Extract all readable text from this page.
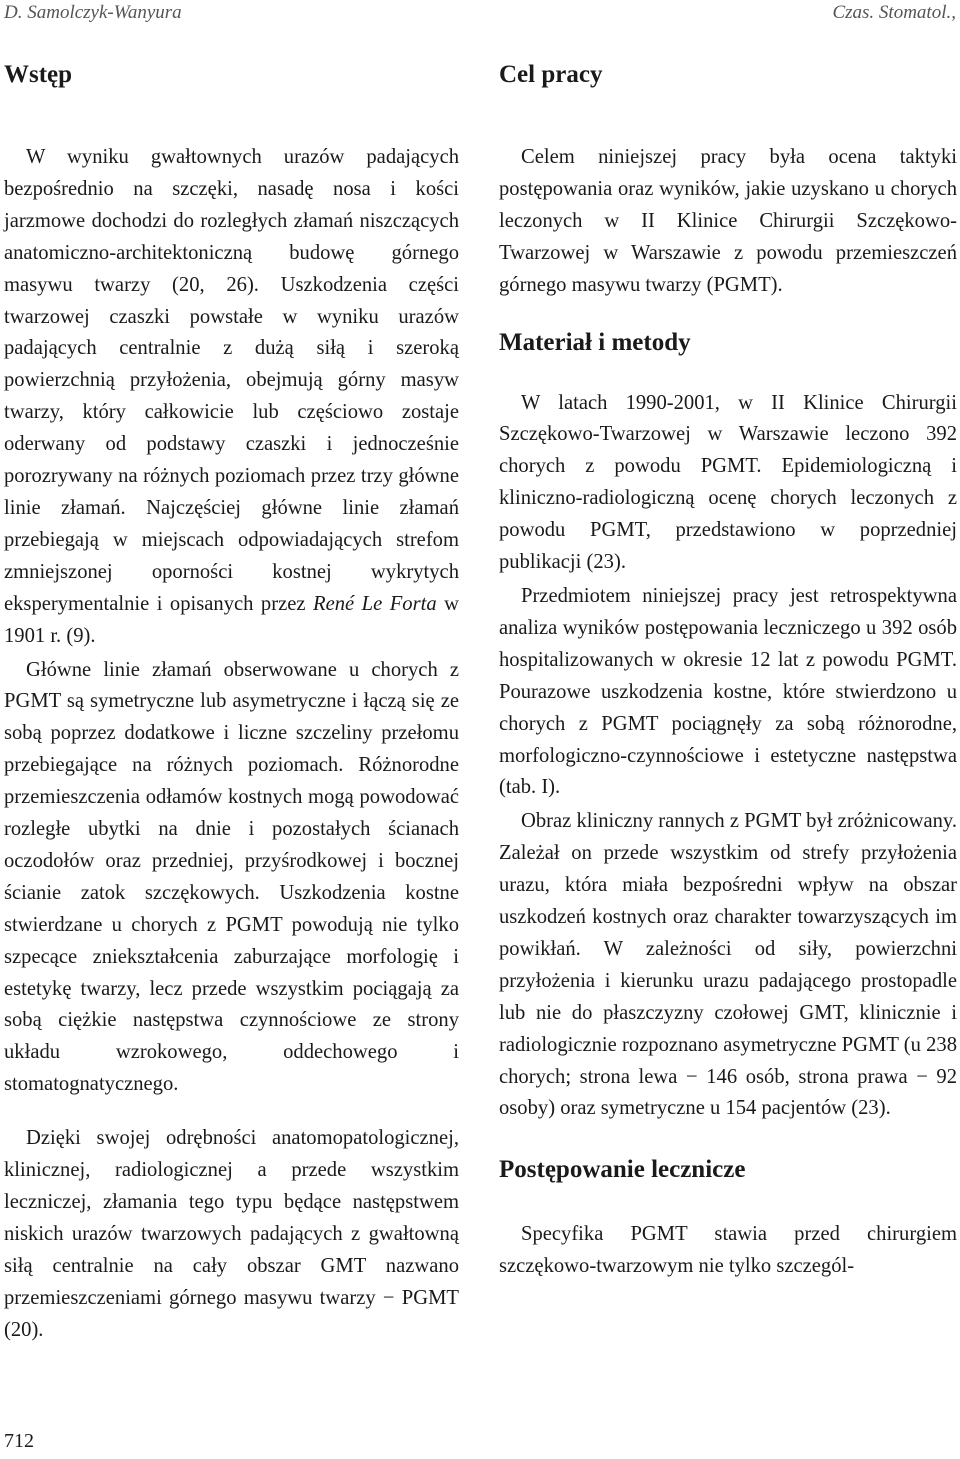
D. Samolczyk-Wanyura	Czas. Stomatol.,
Wstęp

W wyniku gwałtownych urazów padających bezpośrednio na szczęki, nasadę nosa i kości jarzmowe dochodzi do rozległych złamań niszczących anatomiczno-architektoniczną budowę górnego masywu twarzy (20, 26). Uszkodzenia części twarzowej czaszki powstałe w wyniku urazów padających centralnie z dużą siłą i szeroką powierzchnią przyłożenia, obejmują górny masyw twarzy, który całkowicie lub częściowo zostaje oderwany od podstawy czaszki i jednocześnie porozrywany na różnych poziomach przez trzy główne linie złamań. Najczęściej główne linie złamań przebiegają w miejscach odpowiadających strefom zmniejszonej oporności kostnej wykrytych eksperymentalnie i opisanych przez René Le Forta w 1901 r. (9).

Główne linie złamań obserwowane u chorych z PGMT są symetryczne lub asymetryczne i łączą się ze sobą poprzez dodatkowe i liczne szczeliny przełomu przebiegające na różnych poziomach. Różnorodne przemieszczenia odłamów kostnych mogą powodować rozległe ubytki na dnie i pozostałych ścianach oczodołów oraz przedniej, przyśrodkowej i bocznej ścianie zatok szczękowych. Uszkodzenia kostne stwierdzane u chorych z PGMT powodują nie tylko szpecące zniekształcenia zaburzające morfologię i estetykę twarzy, lecz przede wszystkim pociągają za sobą ciężkie następstwa czynnościowe ze strony układu wzrokowego, oddechowego i stomatognatycznego.

Dzięki swojej odrębności anatomopatologicznej, klinicznej, radiologicznej a przede wszystkim leczniczej, złamania tego typu będące następstwem niskich urazów twarzowych padających z gwałtowną siłą centralnie na cały obszar GMT nazwano przemieszczeniami górnego masywu twarzy − PGMT (20).

Cel pracy

Celem niniejszej pracy była ocena taktyki postępowania oraz wyników, jakie uzyskano u chorych leczonych w II Klinice Chirurgii Szczękowo-Twarzowej w Warszawie z powodu przemieszczeń górnego masywu twarzy (PGMT).

Materiał i metody

W latach 1990-2001, w II Klinice Chirurgii Szczękowo-Twarzowej w Warszawie leczono 392 chorych z powodu PGMT. Epidemiologiczną i kliniczno-radiologiczną ocenę chorych leczonych z powodu PGMT, przedstawiono w poprzedniej publikacji (23).

Przedmiotem niniejszej pracy jest retrospektywna analiza wyników postępowania leczniczego u 392 osób hospitalizowanych w okresie 12 lat z powodu PGMT. Pourazowe uszkodzenia kostne, które stwierdzono u chorych z PGMT pociągnęły za sobą różnorodne, morfologiczno-czynnościowe i estetyczne następstwa (tab. I).

Obraz kliniczny rannych z PGMT był zróżnicowany. Zależał on przede wszystkim od strefy przyłożenia urazu, która miała bezpośredni wpływ na obszar uszkodzeń kostnych oraz charakter towarzyszących im powikłań. W zależności od siły, powierzchni przyłożenia i kierunku urazu padającego prostopadle lub nie do płaszczyzny czołowej GMT, klinicznie i radiologicznie rozpoznano asymetryczne PGMT (u 238 chorych; strona lewa − 146 osób, strona prawa − 92 osoby) oraz symetryczne u 154 pacjentów (23).

Postępowanie lecznicze

Specyfika PGMT stawia przed chirurgiem szczękowo-twarzowym nie tylko szczegól-

712
